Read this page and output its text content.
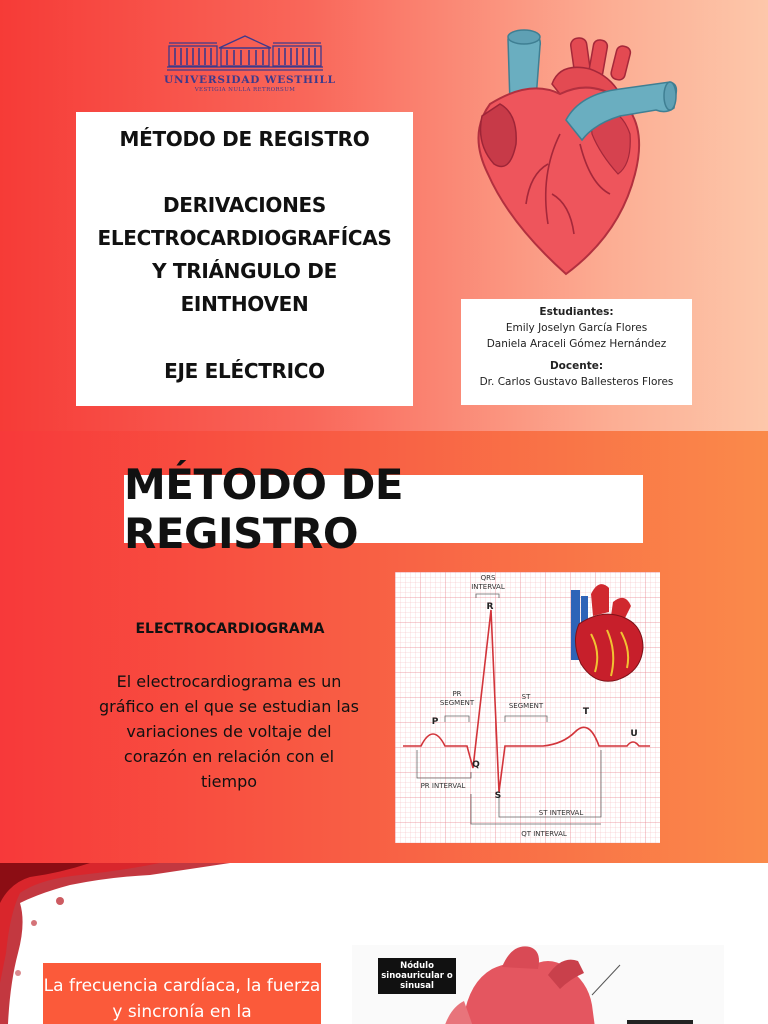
UNIVERSIDAD WESTHILL
VESTIGIA NULLA RETRORSUM
MÉTODO DE REGISTRO
DERIVACIONES
ELECTROCARDIOGRAFÍCAS
Y TRIÁNGULO DE
EINTHOVEN
EJE ELÉCTRICO
Estudiantes:
Emily Joselyn García Flores
Daniela Araceli Gómez Hernández
Docente:
Dr. Carlos Gustavo Ballesteros Flores
MÉTODO DE REGISTRO
ELECTROCARDIOGRAMA
El electrocardiograma es un gráfico en el que se estudian las variaciones de voltaje del corazón en relación con el tiempo
QRS
INTERVAL
PR
SEGMENT
ST
SEGMENT
PR INTERVAL
ST INTERVAL
QT INTERVAL
P
Q
R
S
T
U
La frecuencia cardíaca, la fuerza y sincronía en la
Nódulo sinoauricular o sinusal
